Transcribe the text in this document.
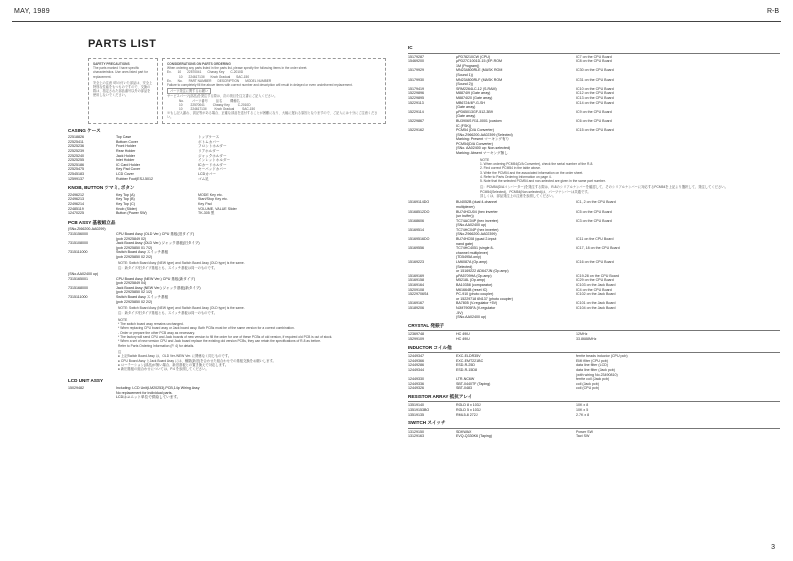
MAY, 1989	R-B
PARTS LIST
SAFETY PRECAUTIONS
The parts marked ! have specific characteristics. Use ones listed part for replacement.
安全上の注意 !印の付いた部品は、安全上特別な性能をもつものですので、交換の際は、指定された部品番号以外の部品を使用しないでください。
CONSIDERATIONS ON PARTS ORDERING
When ordering any parts listed in the parts list, please specify the following items in the order sheet.
Ex. 10 22570041 Chassy Key C-2010D
10 22461713II Knob Gradual SAC-150
Ex. No. PART NUMBER DESCRIPTION MODEL NUMBER
Failure to completely fill the above items with correct number and description will result in delayed or even undelivered replacement.
パーツ発注に関するお願い
サービスパーツ(部品)を発注する際は、次の項目を注文書にご記入ください。
No.	パーツ番号	品名	機種名
10	22570041	Chassy Key	C-2010D
10	22461713II	Knob Gradual	SAC-150
※もし記入漏れ、誤記等がある場合、正確な部品を送付することが困難になり、大幅に遅れる原因となりますので、ご記入には十分にご注意ください。
CASING ケース
22518826	Top Case	トップケース
22525411	Bottom Cover	ボトムカバー
22525236	Front Holder	フロントホルダー
22525239	Rear Holder	リアホルダー
22525240	Jack Holder	ジャックホルダー
22525255	Inlet Holder	インレットホルダー
22525186	IC Card Holder	ICカードホルダー
22525475	Key Pad Cover	キーパッドカバー
22545183	LCD Cover	LCDカバー
12599137	Rubber Foot(ESJ-5012	ゴム足
KNOB, BUTTON ツマミ, ボタン
22496212	Key Top (A)	MODE Key etc.
22496213	Key Top (B)	Start/Stop Key etc.
22496214	Key Top (C)	Key Pad
22485119	Knob (Slider)	VOLUME, VALUE Slider
12470225	Button (Power SW)	TK-305 黒
PCB ASSY 基板組立品
(SNo.ZI66200-AA0299)
7315156000	CPU Board Assy (OLD Ver.) CPU 基板(旧タイプ)
	(pcb 22925849 02)
7315108000	Jack Board Assy (OLD Ver.) ジャック基板(旧タイプ)
	(pcb 22925850 01 7/2)
7315111000	Switch Board Assy スイッチ基板
	(pcb 22925850 02 2/2)
NOTE: Switch Board Assy (NEW type) and Switch Board Assy (OLD type) is the same.
注：新タイプ/旧タイプ基板とも、スイッチ基板は同一のものです。
(SNo.AA02400 up)
7315165001	CPU Board Assy (NEW Ver.) CPU 基板(新タイプ)
	(pcb 22925849 04)
7315168000	Jack Board Assy (NEW Ver.) ジャック基板(新タイプ)
	(pcb 22925850 02 1/2)
7315111000	Switch Board Assy スイッチ基板
	(pcb 22925850 02 2/2)
NOTE: Switch Board Assy (NEW type) and Switch Board Assy (OLD type) is the same.
注：新タイプ/旧タイプ基板とも、スイッチ基板は同一のものです。
NOTE
* The switch board assy remains unchanged.
* When replacing CPU board assy or Jack board assy. Both PCBs must be of the same version for a correct combination.
- Order or prepare the other PCB assy as necessary.
* The factory will send CPU and Jack boards of new version to fill the order for one of these PCBs of old version, if required old PCB is out of stock.
* When a set of new version CPU and Jack board replace the existing old version PCBs, they can retain the specifications of R-8 as before.
Refer to Parts Ordering Information (P. 4) for details.
注
● 上記Switch Board Assy は、OLD Ver./NEW Ver. に関係なく同じものです。
● CPU Board Assy とJack Board Assy には、種類(新旧)を合わせた組合わせでの基板交換をお願いします。
● ローテーション(部品)が無い場合、新旧基板との置き換えで対応します。
● 新旧基板の組合わせについては、P.4 を参照してください。
LCD UNIT ASSY
15029482	Including: LCD Unit(LM20253),PCB,14p Wiring Assy
	No replacement for individual parts.
	LCDはユニット単位で供給しています。
IC
15179287	μPD78210CW (CPU)	IC7 on the CPU Board
15469200	μPD27C1001D-15 (EP-ROM	IC8 on the CPU Board
	1M (Program))	
15179929	MN234800RLE (MASK ROM	IC30 on the CPU Board
	(Sound 1))	
15179930	MN234800RLF (MASK ROM	IC31 on the CPU Board
	(Sound 2))	
15179419	SRM2264LC-12 (S-RAM)	IC10 on the CPU Board
15229896	M8874I9 (Gate array)	IC12 on the CPU Board
15229895	M8874I20 (Gate array)	IC13 on the CPU Board
15229113	MB6724/4P-G-SH	IC14 on the CPU Board
	(Gate array)	
15229114	μPD65013GF-512-3B9	IC9 on the CPU Board
	(Gate array)	
15229867	BU3906S R11-0001 (custom	IC6 on the CPU Board
	IC (FSK))	
15229162	PCM54 (D/A Converter)	IC15 on the CPU Board
	(SNo.Z966200-AA02399 (Selected)	
	Marking: Present マーキング有り	
	PCM54(D/A Converter)	
	(SNo. AA02400 up: Non-selected)	
	Marking: Absent マーキング無し	
NOTE
1. When ordering PCM54(D/A Converter), check the serial number of the R-8.
2. Find correct PCM54 in the table above.
3. Write the PCM54 and the associated information on the order sheet.
4. Refer to Parts Ordering Information on page 4.
5. Note that the selected PCM54 and non-selected are given in the same part number.
注：PCM54(D/Aコンバーター)を発注する際は、R-8のシリアルナンバーを確認して、そのシリアルナンバーに対応するPCM54を上記より選択して、発注してください。
PCM54(Selected)、PCM54(Non-selected)は、パーツナンバーは共通です。
詳しくは、部品発注上の注意を参照してください。
15169114DO	BU4052B (dual 4-channel	IC1, 2 on the CPU Board
	multiplexer)	
15168512DO	BU74HCU04 (hex inverter	IC5 on the CPU Board
	(un buffer))	
15168606	TC74AC04P (hex inverter)	IC3 on the CPU Board
	(SNo.AA02400 up)	
15169514	TC74HC04P (hex inverter)	
	(SNo.Z966200-AA02399)	
15169516DO	BU74HC08 (quad 2-input	IC11 on the CPU Board
	nand gate)	
15169556	TC74HC4051 (single 8-	IC17, 18 on the CPU Board
	channel multiplexer)	
	(TD5495A only)	
15169223	LM6087A (Op.amp)	IC16 on the CPU Board
	(Selected)	
	or 15169222 AD647JN (Op.amp)	
15169169	μPA5709HA (Op.amp)	IC19-28 on the CPU Board
15169158	M5218L (Op.amp)	IC29 on the CPU Board
15169164	BA10358 (comparator)	IC103 on the Jack Board
15209108	M61664B (reset IC)	IC4 on the CPU Board
15229706S4	PC-910 (photo coupler)	IC102 on the Jack Board
	or 15229718 6N137 (photo coupler)	
15169167	BA7805 (V-regulator +5V)	IC101 on the Jack Board
15189206	NJM7905FA (V-regulator	IC104 on the Jack Board
	-5V)	
	(SNo.AA02400 up)	
CRYSTAL 発振子
12369748	HC 49/U	12MHz
15299109	HC 49/U	33.8688MHz
INDUCTOR コイル他
12449347	EXC-ELDR35V	ferrite beads inductor (CPU pcb)
12449366	EXC-EMT221BC	EMI filter (CPU pcb)
12449286	ESD-R-25D	data line filter (LCD)
12449344	ESD-R-15D8	data line filter (Jack pcb)
		(with wiring No.23490810)
12449330	LTR-NC6W	ferrite coil (Jack pcb)
12449336	SBT-0440TF (Taping)	coil (Jack pcb)
12449326	SBT-0483	coil (CPU pcb)
RESISTOR ARRAY 抵抗アレイ
13519140	RGLD 8 x 103J	10K x 8
13519153BO	RGLD 5 x 103J	10K x 5
13519135	RML5-8 272J	2.7K x 8
SWITCH スイッチ
13129150	SDKWAX	Power SW
13129163	EVQ-Q330K6 (Taping)	Tact SW
3
